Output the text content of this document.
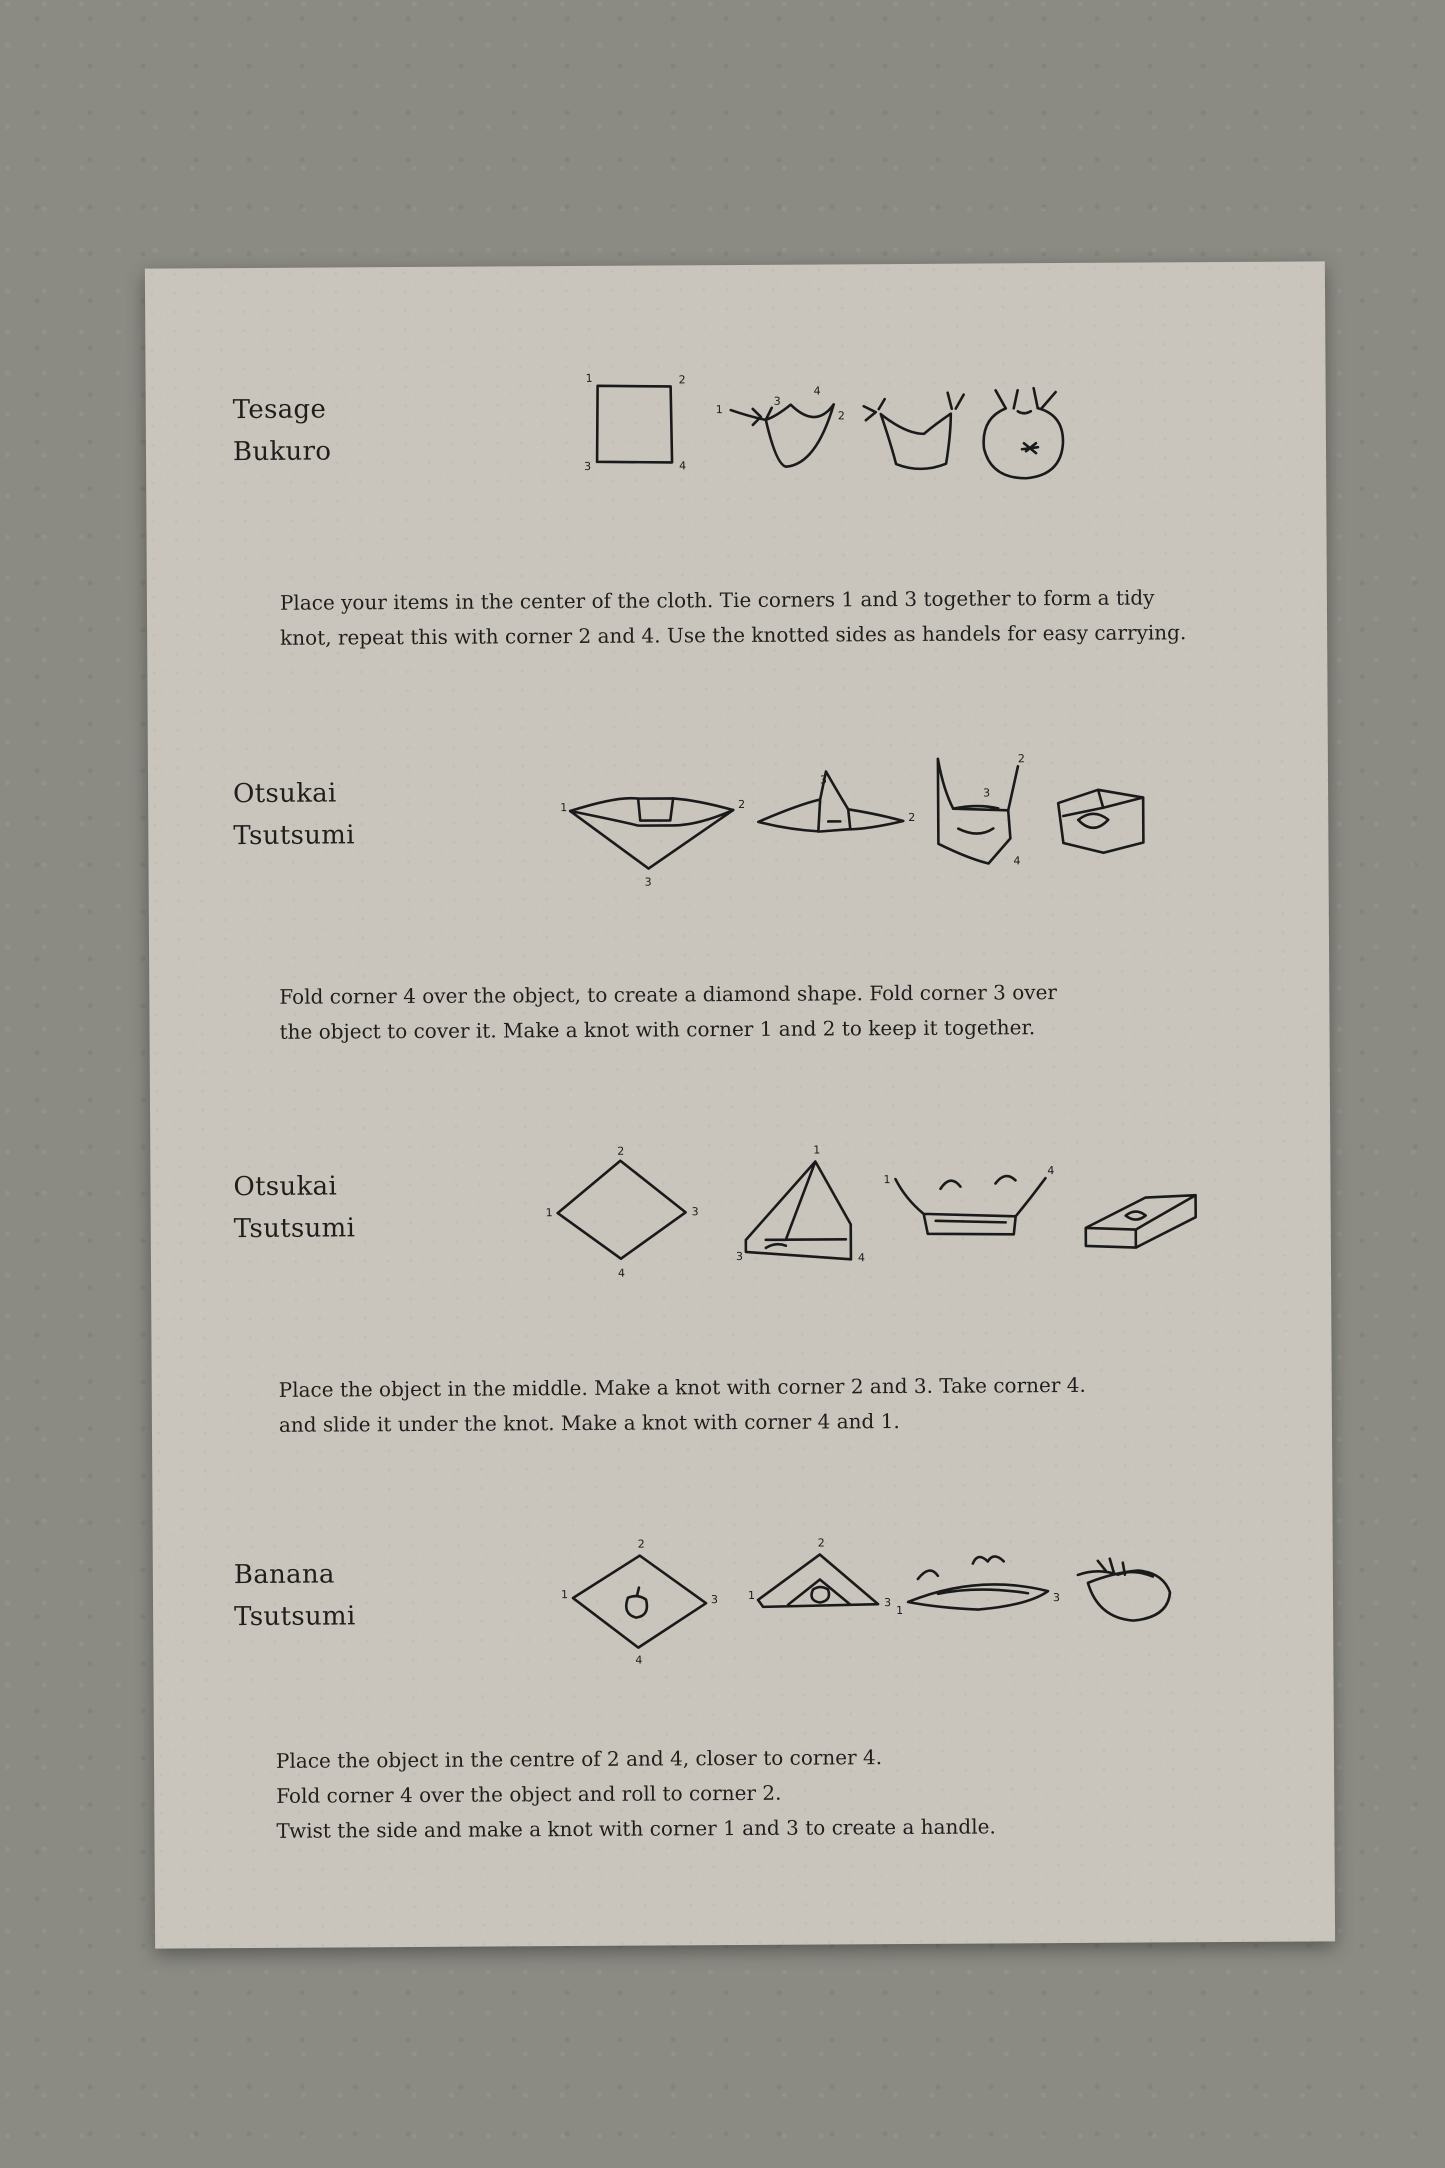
Tesage
Bukuro
1	2
3	4
1
3
4
2
Place your items in the center of the cloth. Tie corners 1 and 3 together to form a tidy
knot, repeat this with corner 2 and 4. Use the knotted sides as handels for easy carrying.
Otsukai
Tsutsumi
1	2
3
3
2
2
3
4
Fold corner 4 over the object, to create a diamond shape. Fold corner 3 over
the object to cover it. Make a knot with corner 1 and 2 to keep it together.
Otsukai
Tsutsumi
1
2
3
4
3
1
4
1
4
Place the object in the middle. Make a knot with corner 2 and 3. Take corner 4.
and slide it under the knot. Make a knot with corner 4 and 1.
Banana
Tsutsumi
1
2
3
4
1
2
3
1
3
Place the object in the centre of 2 and 4, closer to corner 4.
Fold corner 4 over the object and roll to corner 2.
Twist the side and make a knot with corner 1 and 3 to create a handle.
